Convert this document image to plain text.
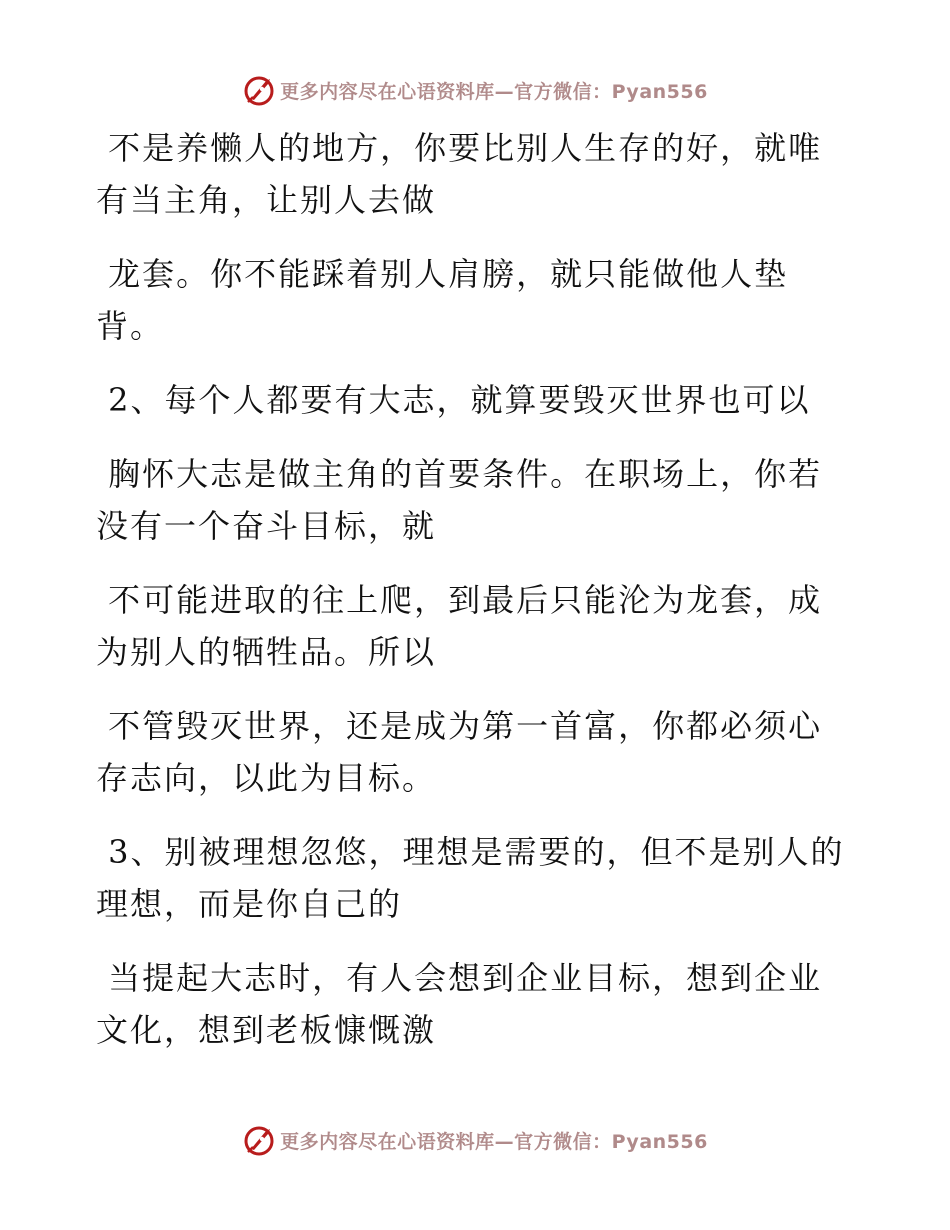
更多内容尽在心语资料库—官方微信：Pyan556

不是养懒人的地方，你要比别人生存的好，就唯有当主角，让别人去做

龙套。你不能踩着别人肩膀，就只能做他人垫背。

2、每个人都要有大志，就算要毁灭世界也可以

胸怀大志是做主角的首要条件。在职场上，你若没有一个奋斗目标，就

不可能进取的往上爬，到最后只能沦为龙套，成为别人的牺牲品。所以

不管毁灭世界，还是成为第一首富，你都必须心存志向，以此为目标。

3、别被理想忽悠，理想是需要的，但不是别人的理想，而是你自己的

当提起大志时，有人会想到企业目标，想到企业文化，想到老板慷慨激

更多内容尽在心语资料库—官方微信：Pyan556
